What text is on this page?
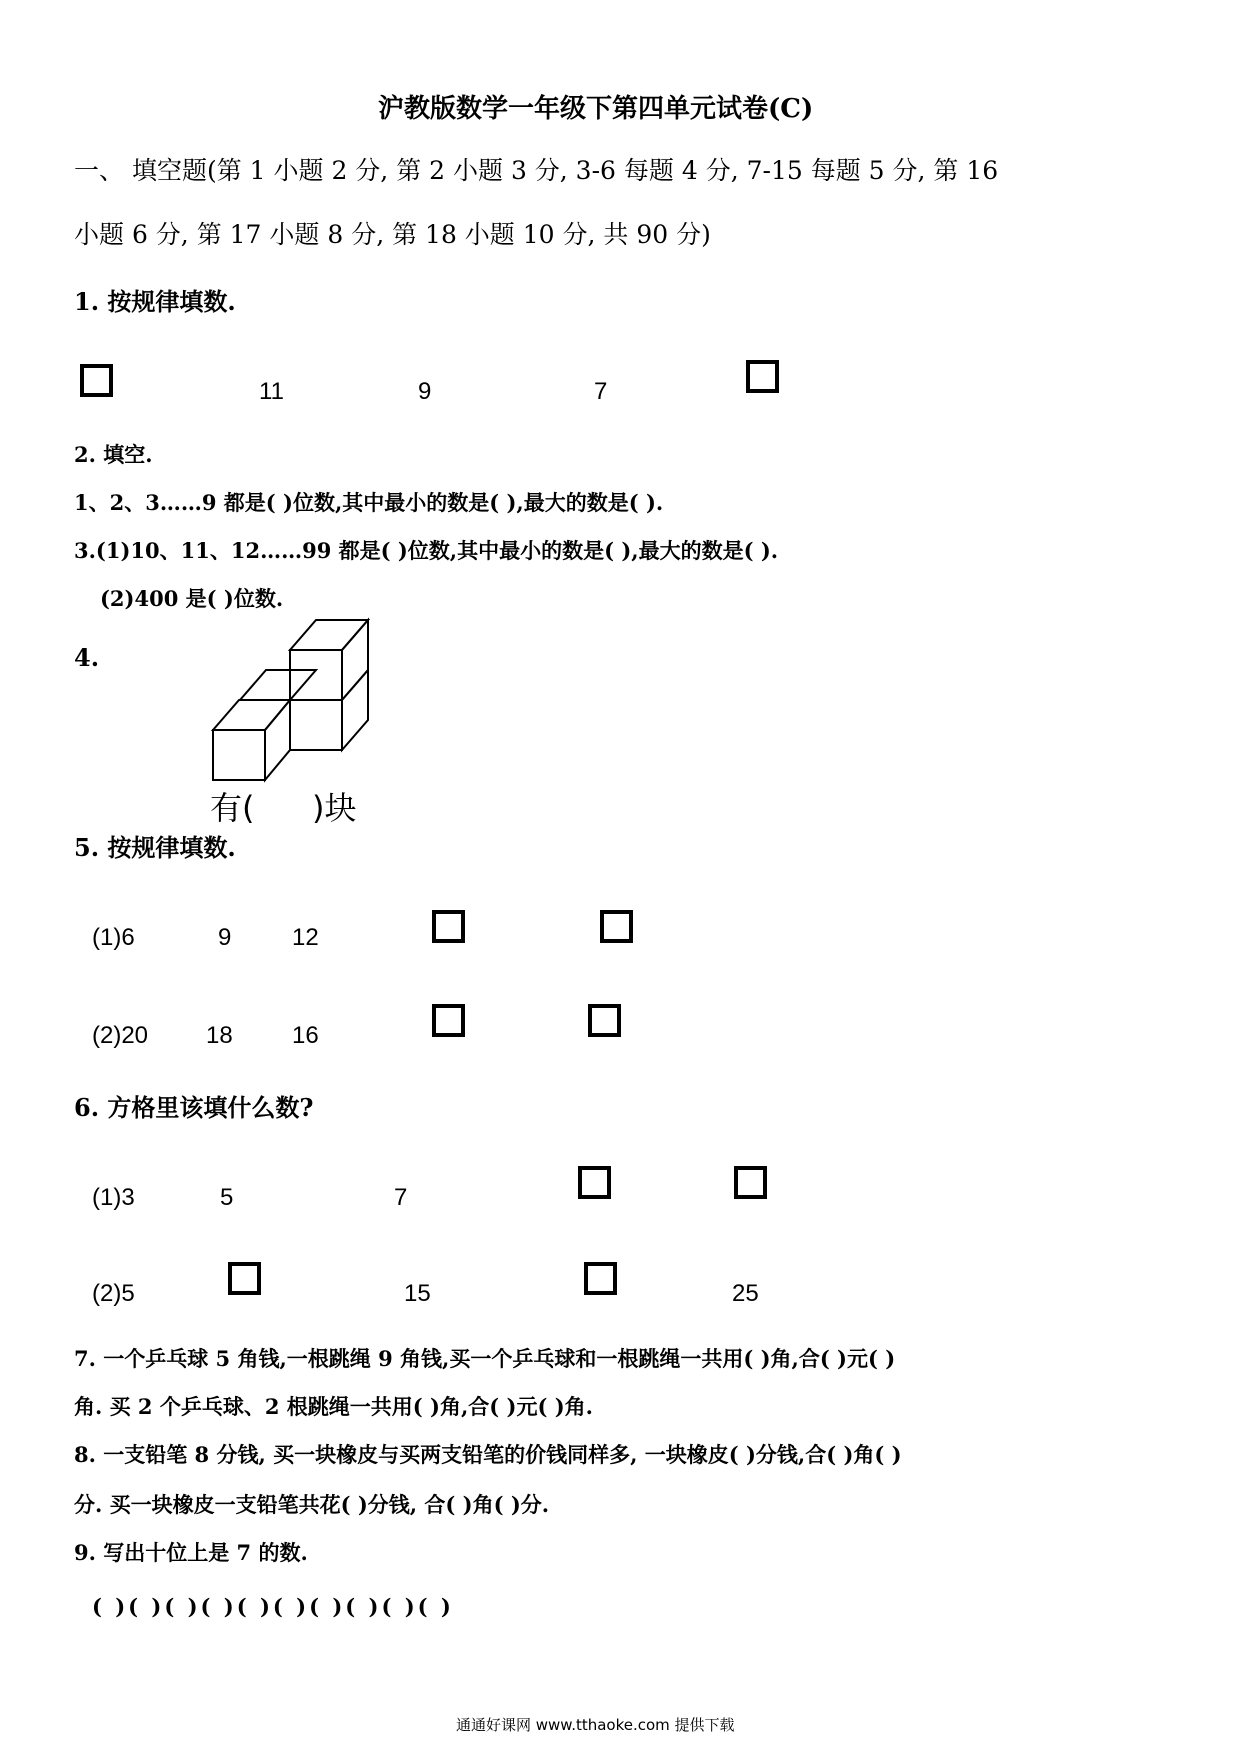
沪教版数学一年级下第四单元试卷(C)
一、 填空题(第 1 小题 2 分, 第 2 小题 3 分, 3-6 每题 4 分, 7-15 每题 5 分, 第 16
小题 6 分, 第 17 小题 8 分, 第 18 小题 10 分, 共 90 分)
1. 按规律填数.
11	9	7
2. 填空.
1、2、3……9 都是( )位数,其中最小的数是( ),最大的数是( ).
3.(1)10、11、12……99 都是( )位数,其中最小的数是( ),最大的数是( ).
(2)400 是( )位数.
4.
有( )块
5. 按规律填数.
(1)6	9	12
(2)20 18 16
6. 方格里该填什么数?
(1)3	5	7
(2)5	15	25
7. 一个乒乓球 5 角钱,一根跳绳 9 角钱,买一个乒乓球和一根跳绳一共用( )角,合( )元( )
角. 买 2 个乒乓球、2 根跳绳一共用( )角,合( )元( )角.
8. 一支铅笔 8 分钱, 买一块橡皮与买两支铅笔的价钱同样多, 一块橡皮( )分钱,合( )角( )
分. 买一块橡皮一支铅笔共花( )分钱, 合( )角( )分.
9. 写出十位上是 7 的数.
( )( )( )( )( )( )( )( )( )( )
通通好课网 www.tthaoke.com 提供下载
